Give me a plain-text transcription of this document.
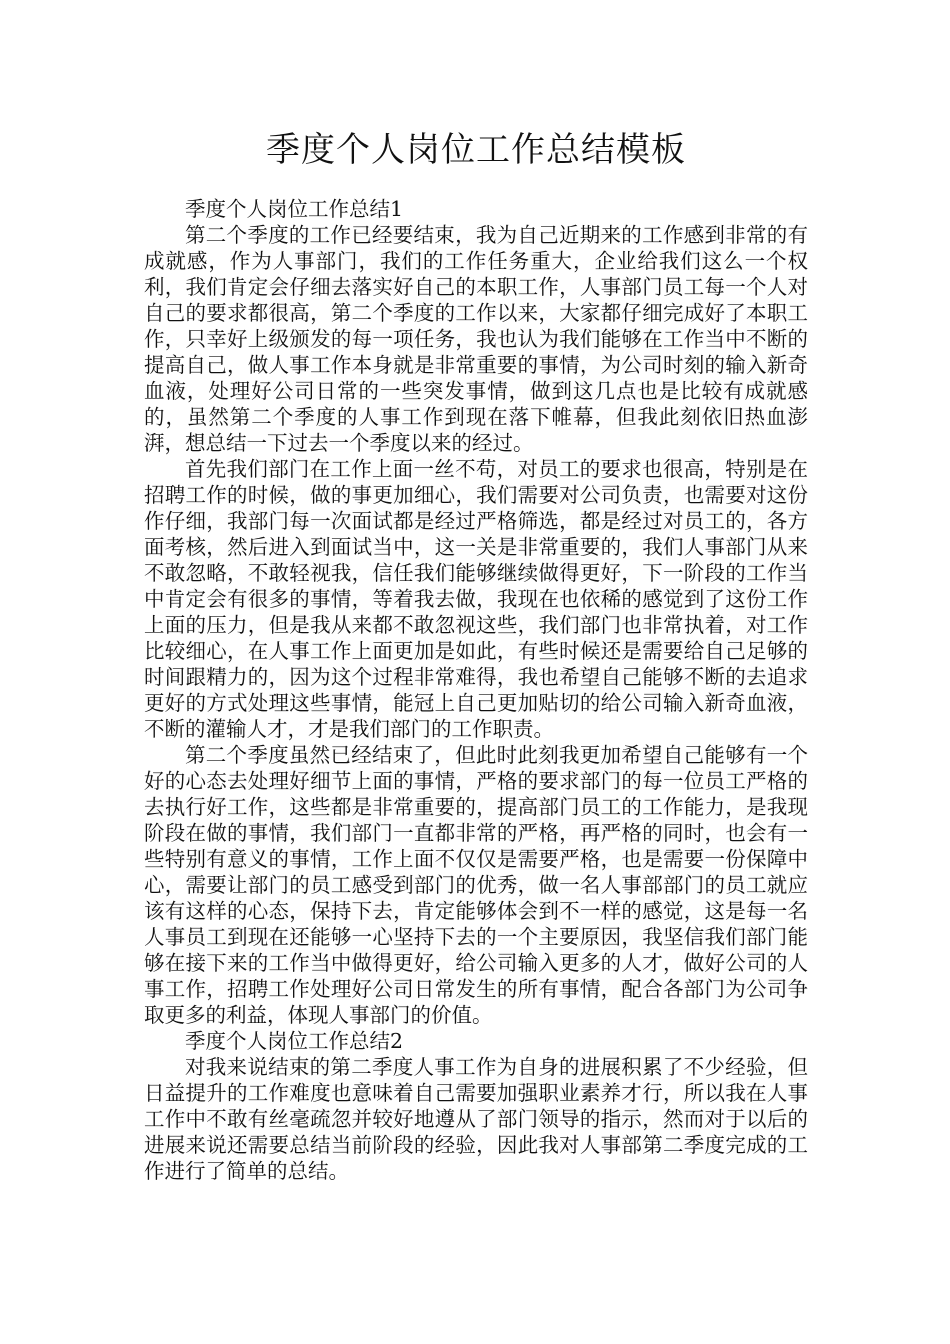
季度个人岗位工作总结模板

季度个人岗位工作总结1

第二个季度的工作已经要结束，我为自己近期来的工作感到非常的有成就感，作为人事部门，我们的工作任务重大，企业给我们这么一个权利，我们肯定会仔细去落实好自己的本职工作，人事部门员工每一个人对自己的要求都很高，第二个季度的工作以来，大家都仔细完成好了本职工作，只幸好上级颁发的每一项任务，我也认为我们能够在工作当中不断的提高自己，做人事工作本身就是非常重要的事情，为公司时刻的输入新奇血液，处理好公司日常的一些突发事情，做到这几点也是比较有成就感的，虽然第二个季度的人事工作到现在落下帷幕，但我此刻依旧热血澎湃，想总结一下过去一个季度以来的经过。

首先我们部门在工作上面一丝不苟，对员工的要求也很高，特别是在招聘工作的时候，做的事更加细心，我们需要对公司负责，也需要对这份作仔细，我部门每一次面试都是经过严格筛选，都是经过对员工的，各方面考核，然后进入到面试当中，这一关是非常重要的，我们人事部门从来不敢忽略，不敢轻视我，信任我们能够继续做得更好，下一阶段的工作当中肯定会有很多的事情，等着我去做，我现在也依稀的感觉到了这份工作上面的压力，但是我从来都不敢忽视这些，我们部门也非常执着，对工作比较细心，在人事工作上面更加是如此，有些时候还是需要给自己足够的时间跟精力的，因为这个过程非常难得，我也希望自己能够不断的去追求更好的方式处理这些事情，能冠上自己更加贴切的给公司输入新奇血液，不断的灌输人才，才是我们部门的工作职责。

第二个季度虽然已经结束了，但此时此刻我更加希望自己能够有一个好的心态去处理好细节上面的事情，严格的要求部门的每一位员工严格的去执行好工作，这些都是非常重要的，提高部门员工的工作能力，是我现阶段在做的事情，我们部门一直都非常的严格，再严格的同时，也会有一些特别有意义的事情，工作上面不仅仅是需要严格，也是需要一份保障中心，需要让部门的员工感受到部门的优秀，做一名人事部部门的员工就应该有这样的心态，保持下去，肯定能够体会到不一样的感觉，这是每一名人事员工到现在还能够一心坚持下去的一个主要原因，我坚信我们部门能够在接下来的工作当中做得更好，给公司输入更多的人才，做好公司的人事工作，招聘工作处理好公司日常发生的所有事情，配合各部门为公司争取更多的利益，体现人事部门的价值。

季度个人岗位工作总结2

对我来说结束的第二季度人事工作为自身的进展积累了不少经验，但日益提升的工作难度也意味着自己需要加强职业素养才行，所以我在人事工作中不敢有丝毫疏忽并较好地遵从了部门领导的指示，然而对于以后的进展来说还需要总结当前阶段的经验，因此我对人事部第二季度完成的工作进行了简单的总结。
